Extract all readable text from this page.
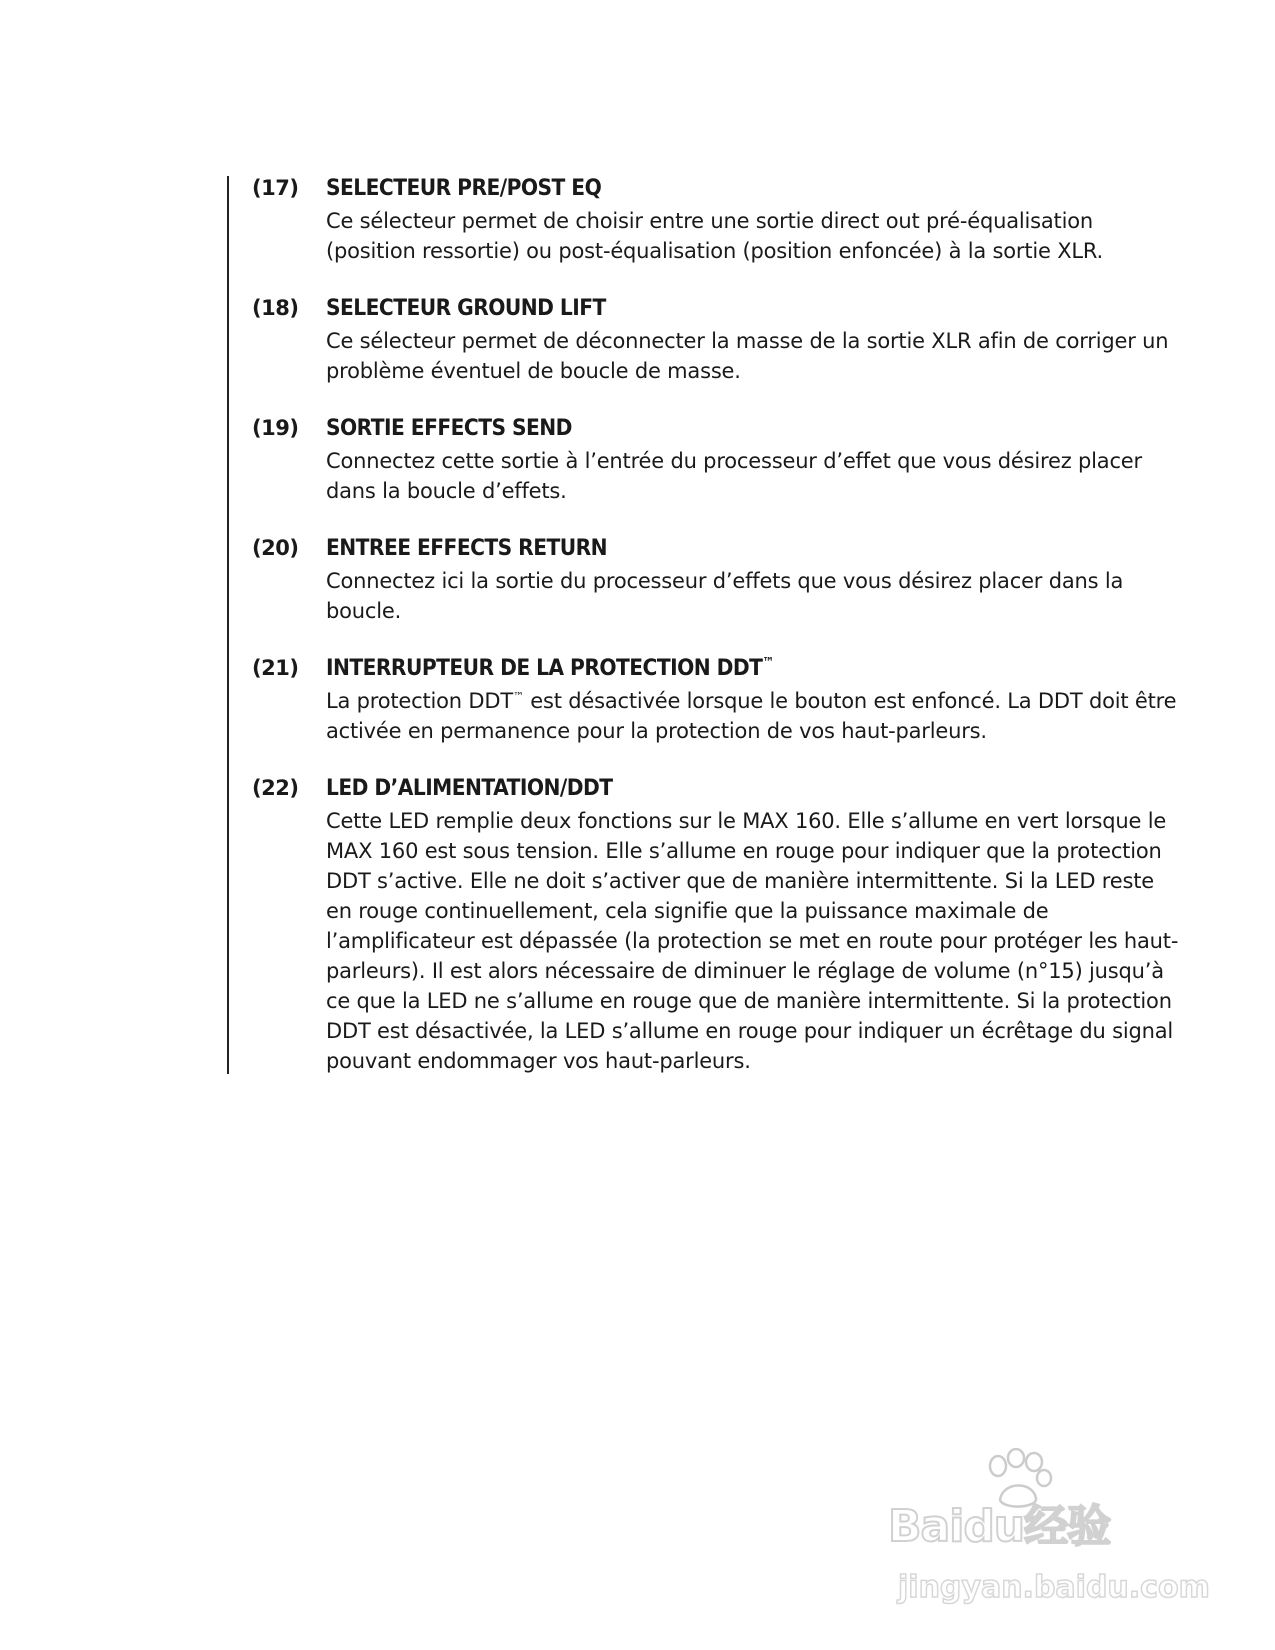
(17) SELECTEUR PRE/POST EQ
Ce sélecteur permet de choisir entre une sortie direct out pré-équalisation (position ressortie) ou post-équalisation (position enfoncée) à la sortie XLR.
(18) SELECTEUR GROUND LIFT
Ce sélecteur permet de déconnecter la masse de la sortie XLR afin de corriger un problème éventuel de boucle de masse.
(19) SORTIE EFFECTS SEND
Connectez cette sortie à l’entrée du processeur d’effet que vous désirez placer dans la boucle d’effets.
(20) ENTREE EFFECTS RETURN
Connectez ici la sortie du processeur d’effets que vous désirez placer dans la boucle.
(21) INTERRUPTEUR DE LA PROTECTION DDT™
La protection DDT™ est désactivée lorsque le bouton est enfoncé. La DDT doit être activée en permanence pour la protection de vos haut-parleurs.
(22) LED D’ALIMENTATION/DDT
Cette LED remplie deux fonctions sur le MAX 160. Elle s’allume en vert lorsque le MAX 160 est sous tension. Elle s’allume en rouge pour indiquer que la protection DDT s’active. Elle ne doit s’activer que de manière intermittente. Si la LED reste en rouge continuellement, cela signifie que la puissance maximale de l’amplificateur est dépassée (la protection se met en route pour protéger les haut-parleurs). Il est alors nécessaire de diminuer le réglage de volume (n°15) jusqu’à ce que la LED ne s’allume en rouge que de manière intermittente. Si la protection DDT est désactivée, la LED s’allume en rouge pour indiquer un écrêtage du signal pouvant endommager vos haut-parleurs.
Baidu经验
jingyan.baidu.com
